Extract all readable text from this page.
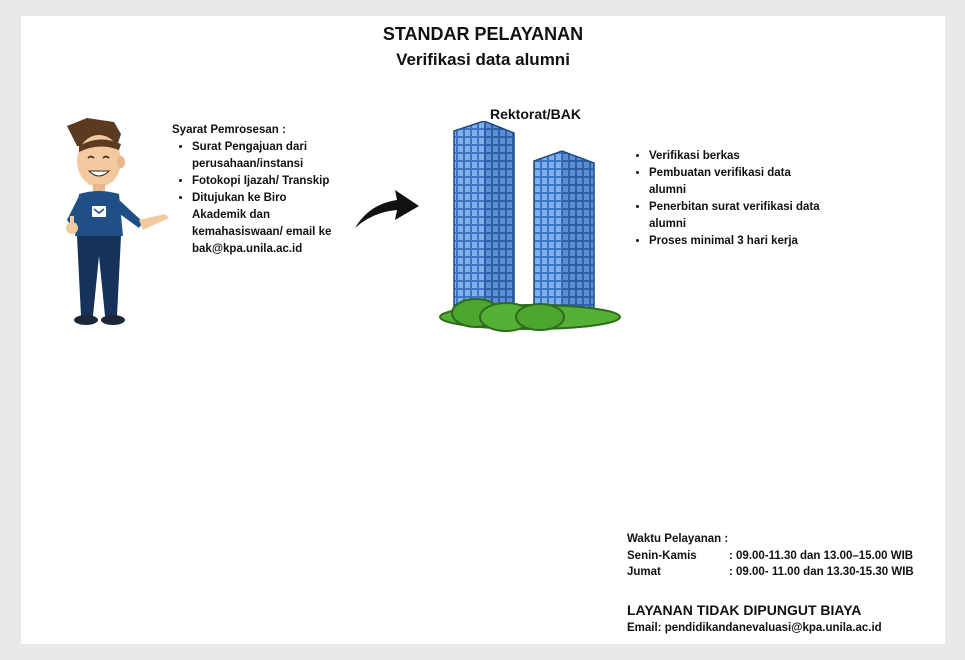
STANDAR PELAYANAN
Verifikasi data alumni
Syarat Pemrosesan :
• Surat Pengajuan dari perusahaan/instansi
• Fotokopi Ijazah/ Transkip
• Ditujukan ke Biro Akademik dan kemahasiswaan/ email ke bak@kpa.unila.ac.id
Rektorat/BAK
• Verifikasi berkas
• Pembuatan verifikasi data alumni
• Penerbitan surat verifikasi data alumni
• Proses minimal 3 hari kerja
Waktu Pelayanan :
Senin-Kamis	: 09.00-11.30 dan 13.00–15.00 WIB
Jumat	: 09.00- 11.00 dan 13.30-15.30 WIB
LAYANAN TIDAK DIPUNGUT BIAYA
Email: pendidikandanevaluasi@kpa.unila.ac.id
